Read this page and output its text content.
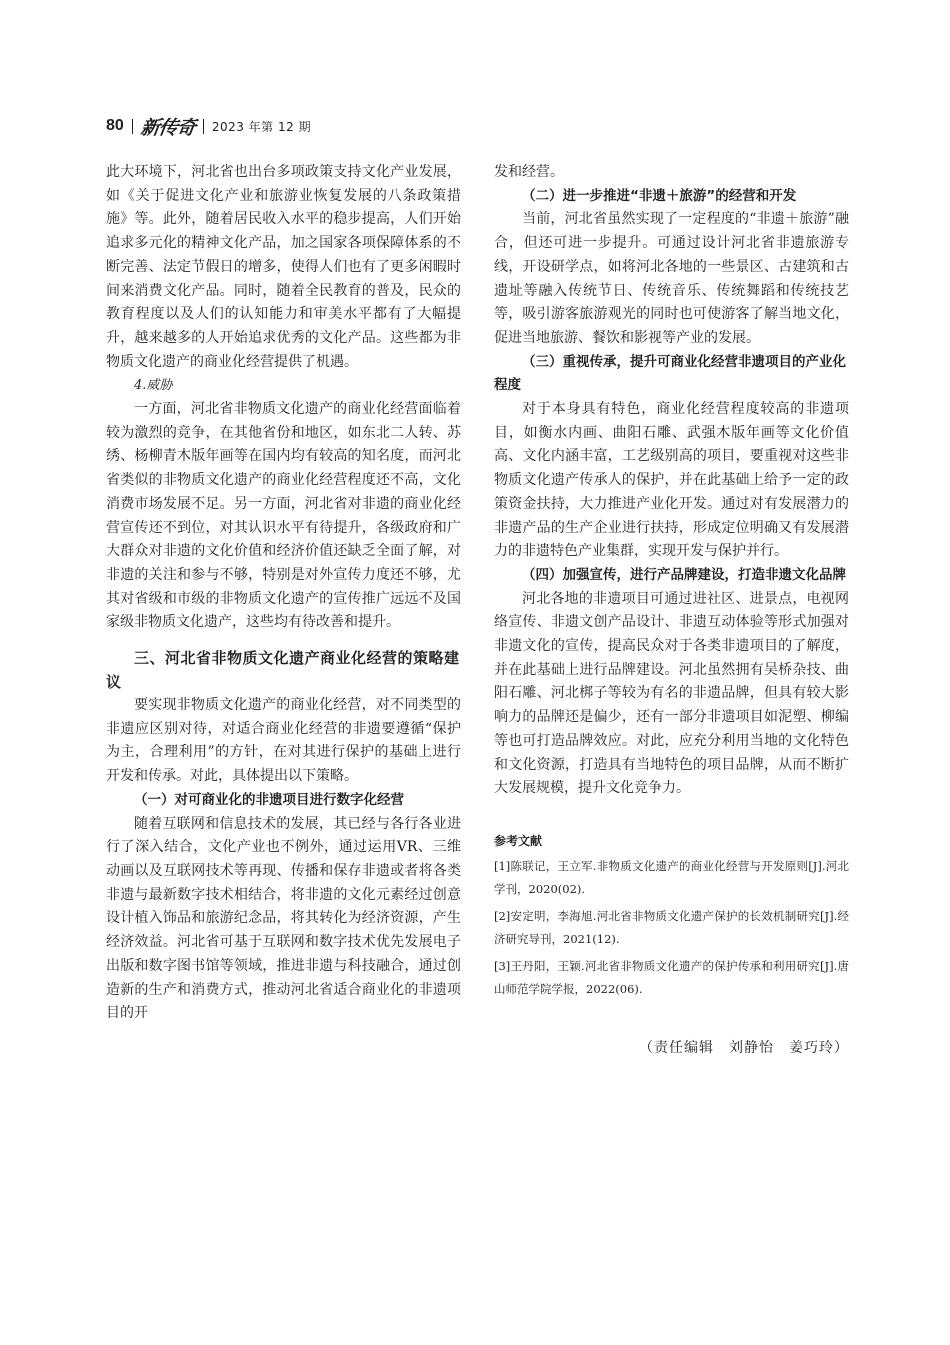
80 新传奇 2023 年第 12 期

此大环境下，河北省也出台多项政策支持文化产业发展，如《关于促进文化产业和旅游业恢复发展的八条政策措施》等。此外，随着居民收入水平的稳步提高，人们开始追求多元化的精神文化产品，加之国家各项保障体系的不断完善、法定节假日的增多，使得人们也有了更多闲暇时间来消费文化产品。同时，随着全民教育的普及，民众的教育程度以及人们的认知能力和审美水平都有了大幅提升，越来越多的人开始追求优秀的文化产品。这些都为非物质文化遗产的商业化经营提供了机遇。

4.威胁

一方面，河北省非物质文化遗产的商业化经营面临着较为激烈的竞争，在其他省份和地区，如东北二人转、苏绣、杨柳青木版年画等在国内均有较高的知名度，而河北省类似的非物质文化遗产的商业化经营程度还不高，文化消费市场发展不足。另一方面，河北省对非遗的商业化经营宣传还不到位，对其认识水平有待提升，各级政府和广大群众对非遗的文化价值和经济价值还缺乏全面了解，对非遗的关注和参与不够，特别是对外宣传力度还不够，尤其对省级和市级的非物质文化遗产的宣传推广远远不及国家级非物质文化遗产，这些均有待改善和提升。

三、河北省非物质文化遗产商业化经营的策略建议

要实现非物质文化遗产的商业化经营，对不同类型的非遗应区别对待，对适合商业化经营的非遗要遵循“保护为主，合理利用”的方针，在对其进行保护的基础上进行开发和传承。对此，具体提出以下策略。

（一）对可商业化的非遗项目进行数字化经营

随着互联网和信息技术的发展，其已经与各行各业进行了深入结合，文化产业也不例外，通过运用VR、三维动画以及互联网技术等再现、传播和保存非遗或者将各类非遗与最新数字技术相结合，将非遗的文化元素经过创意设计植入饰品和旅游纪念品，将其转化为经济资源，产生经济效益。河北省可基于互联网和数字技术优先发展电子出版和数字图书馆等领域，推进非遗与科技融合，通过创造新的生产和消费方式，推动河北省适合商业化的非遗项目的开

发和经营。

（二）进一步推进“非遗＋旅游”的经营和开发

当前，河北省虽然实现了一定程度的“非遗＋旅游”融合，但还可进一步提升。可通过设计河北省非遗旅游专线，开设研学点，如将河北各地的一些景区、古建筑和古遗址等融入传统节日、传统音乐、传统舞蹈和传统技艺等，吸引游客旅游观光的同时也可使游客了解当地文化，促进当地旅游、餐饮和影视等产业的发展。

（三）重视传承，提升可商业化经营非遗项目的产业化程度

对于本身具有特色，商业化经营程度较高的非遗项目，如衡水内画、曲阳石雕、武强木版年画等文化价值高、文化内涵丰富，工艺级别高的项目，要重视对这些非物质文化遗产传承人的保护，并在此基础上给予一定的政策资金扶持，大力推进产业化开发。通过对有发展潜力的非遗产品的生产企业进行扶持，形成定位明确又有发展潜力的非遗特色产业集群，实现开发与保护并行。

（四）加强宣传，进行产品牌建设，打造非遗文化品牌

河北各地的非遗项目可通过进社区、进景点，电视网络宣传、非遗文创产品设计、非遗互动体验等形式加强对非遗文化的宣传，提高民众对于各类非遗项目的了解度，并在此基础上进行品牌建设。河北虽然拥有吴桥杂技、曲阳石雕、河北梆子等较为有名的非遗品牌，但具有较大影响力的品牌还是偏少，还有一部分非遗项目如泥塑、柳编等也可打造品牌效应。对此，应充分利用当地的文化特色和文化资源，打造具有当地特色的项目品牌，从而不断扩大发展规模，提升文化竞争力。

参考文献

[1]陈联记，王立军.非物质文化遗产的商业化经营与开发原则[J].河北学刊，2020(02).

[2]安定明，李海旭.河北省非物质文化遗产保护的长效机制研究[J].经济研究导刊，2021(12).

[3]王丹阳，王颖.河北省非物质文化遗产的保护传承和利用研究[J].唐山师范学院学报，2022(06).

（责任编辑　刘静怡　姜巧玲）
